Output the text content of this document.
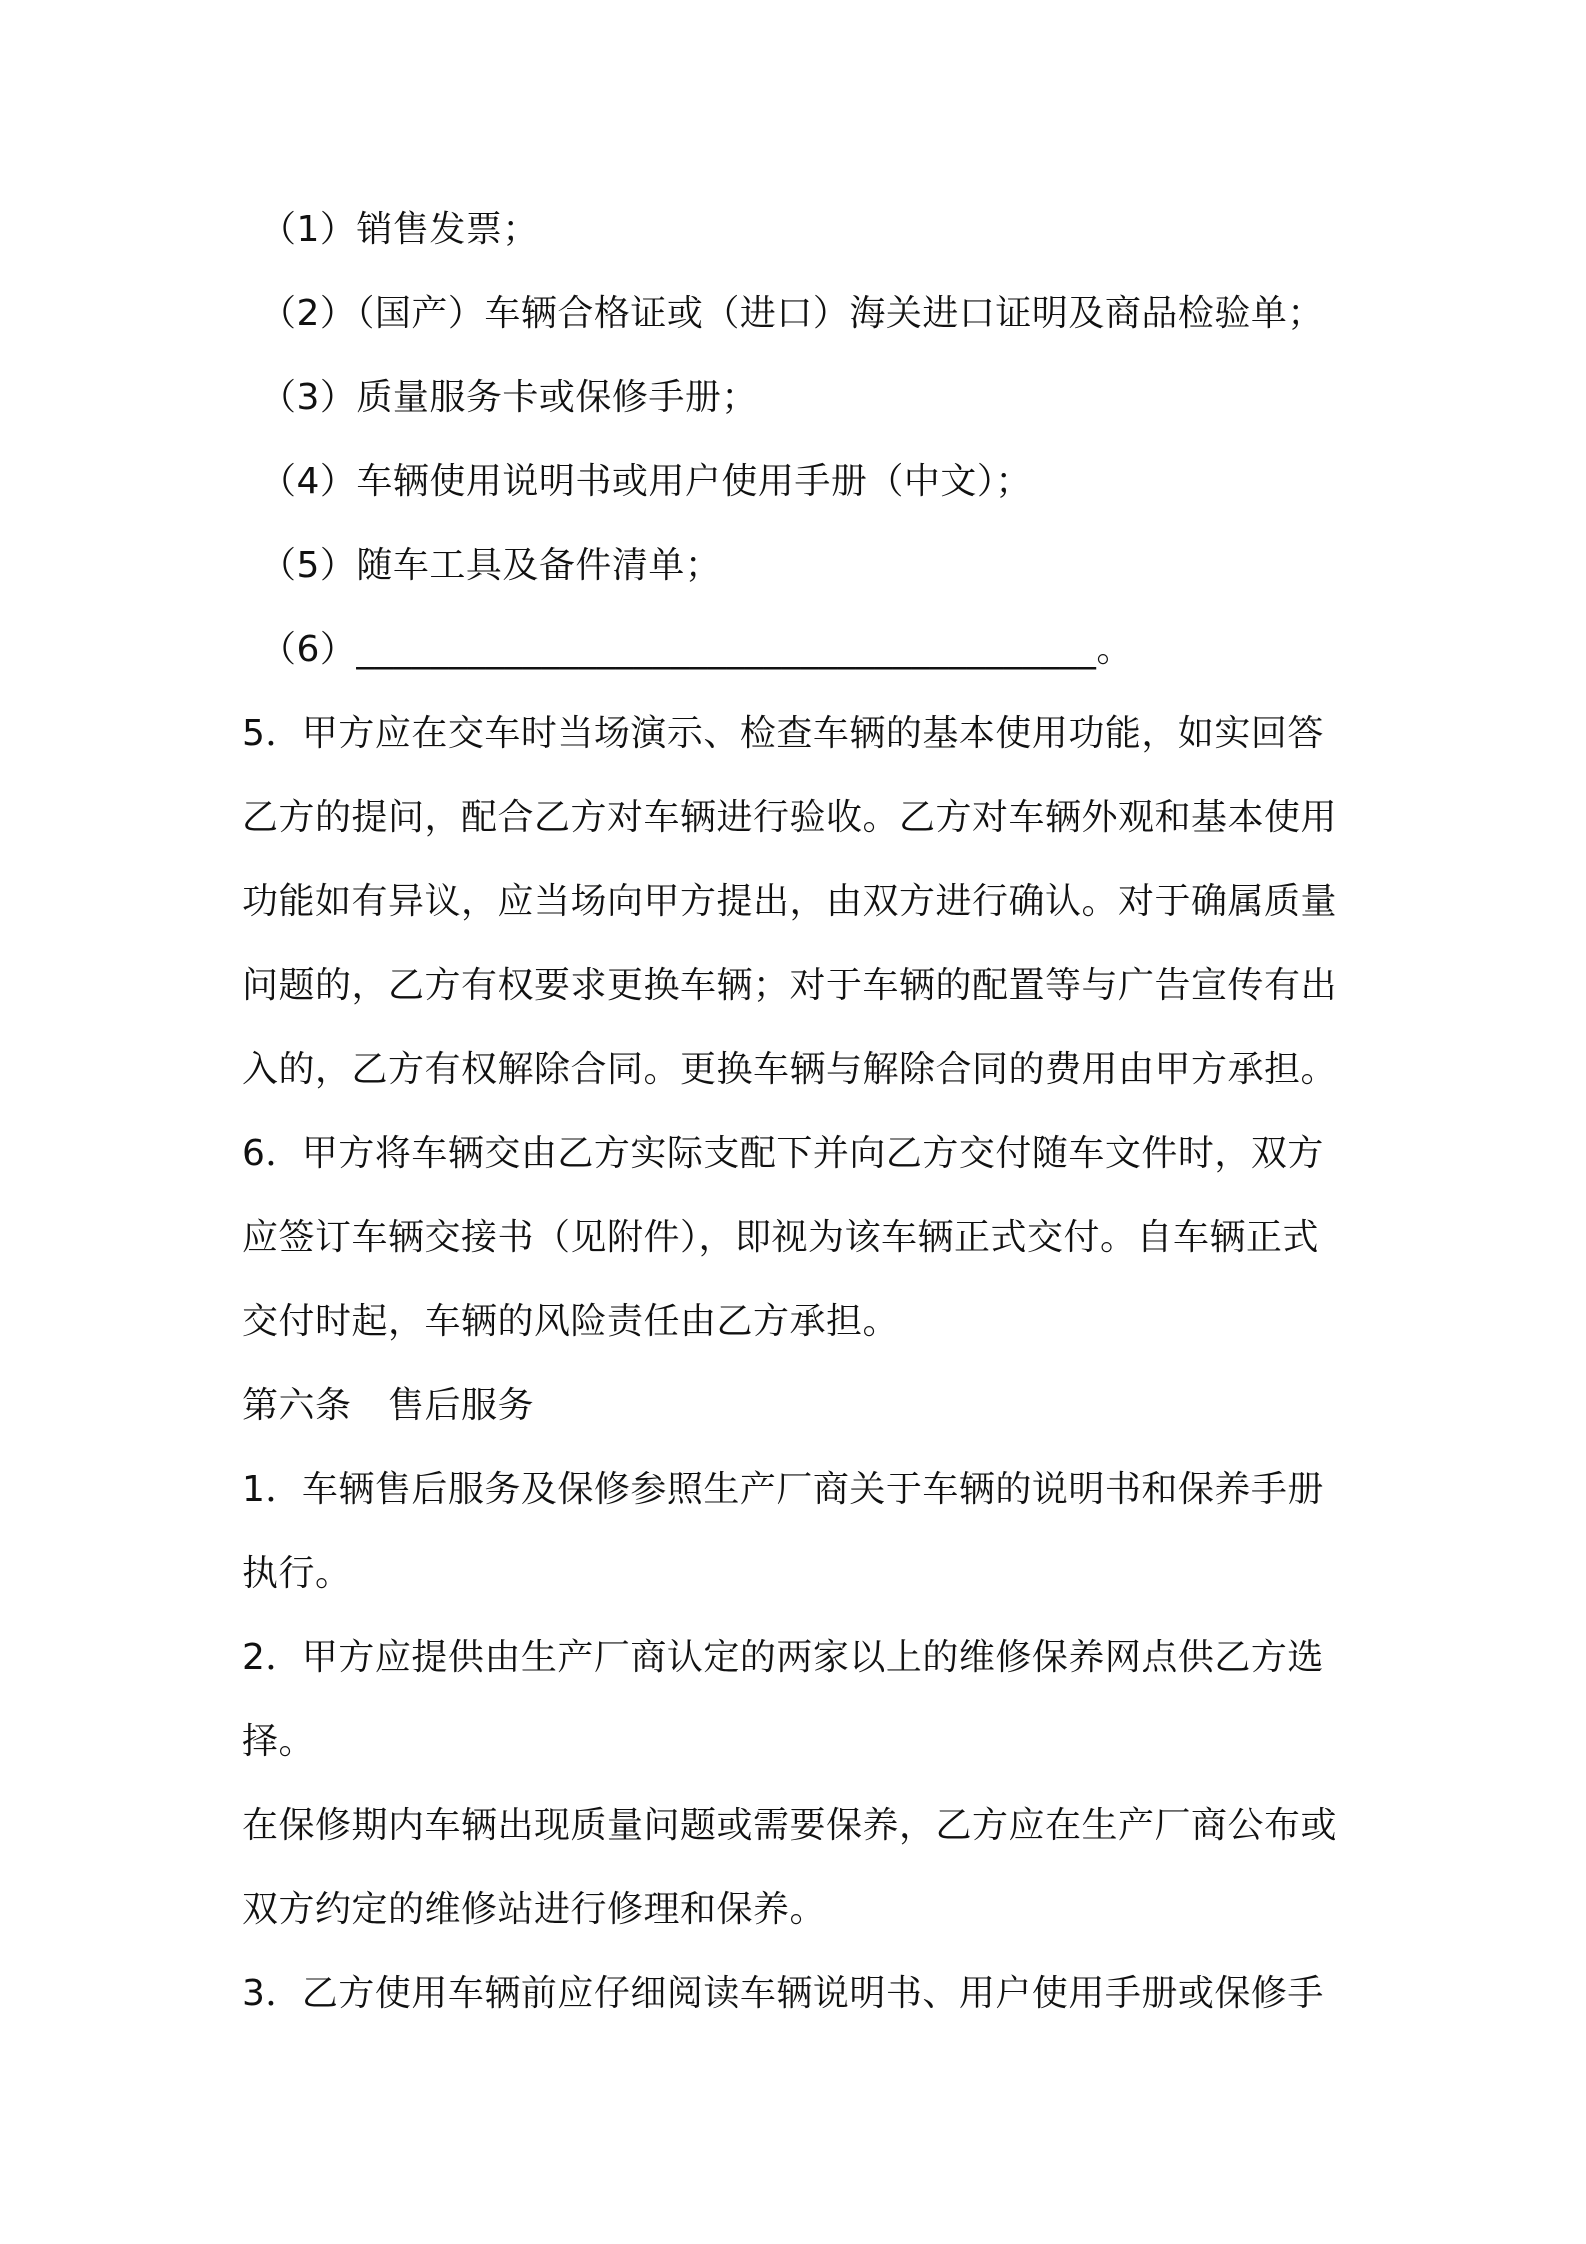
（1）销售发票；
（2）（国产）车辆合格证或（进口）海关进口证明及商品检验单；
（3）质量服务卡或保修手册；
（4）车辆使用说明书或用户使用手册（中文）；
（5）随车工具及备件清单；
（6）________________________________________。
5．甲方应在交车时当场演示、检查车辆的基本使用功能，如实回答
乙方的提问，配合乙方对车辆进行验收。乙方对车辆外观和基本使用
功能如有异议，应当场向甲方提出，由双方进行确认。对于确属质量
问题的，乙方有权要求更换车辆；对于车辆的配置等与广告宣传有出
入的，乙方有权解除合同。更换车辆与解除合同的费用由甲方承担。
6．甲方将车辆交由乙方实际支配下并向乙方交付随车文件时，双方
应签订车辆交接书（见附件），即视为该车辆正式交付。自车辆正式
交付时起，车辆的风险责任由乙方承担。
第六条　售后服务
1．车辆售后服务及保修参照生产厂商关于车辆的说明书和保养手册
执行。
2．甲方应提供由生产厂商认定的两家以上的维修保养网点供乙方选
择。
在保修期内车辆出现质量问题或需要保养，乙方应在生产厂商公布或
双方约定的维修站进行修理和保养。
3．乙方使用车辆前应仔细阅读车辆说明书、用户使用手册或保修手
